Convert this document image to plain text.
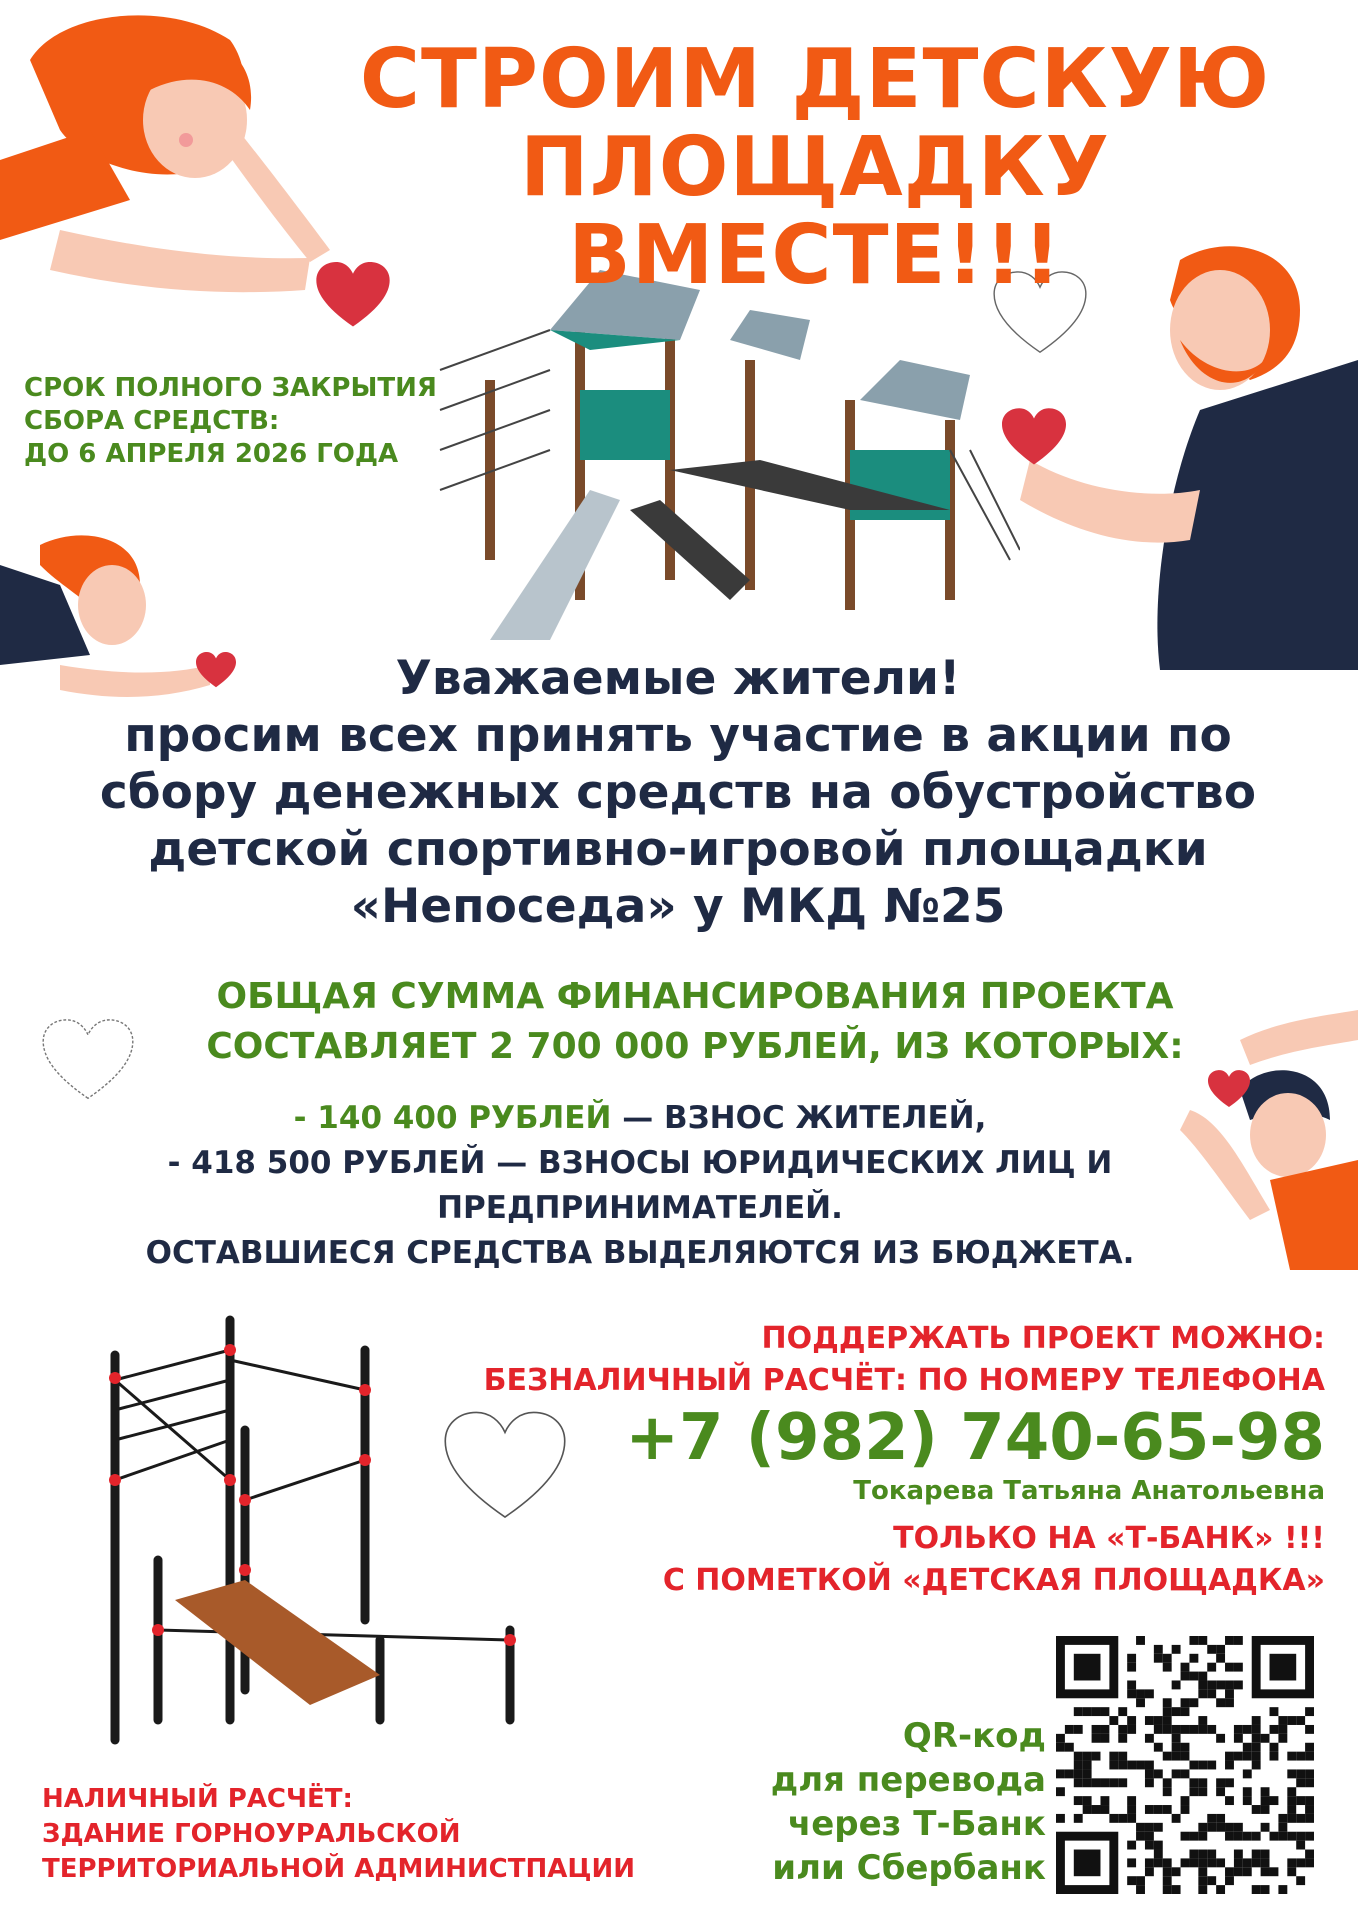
СТРОИМ ДЕТСКУЮ
ПЛОЩАДКУ ВМЕСТЕ!!!
СРОК ПОЛНОГО ЗАКРЫТИЯ
СБОРА СРЕДСТВ:
ДО 6 АПРЕЛЯ 2026 ГОДА
Уважаемые жители!
просим всех принять участие в акции по
сбору денежных средств на обустройство
детской спортивно-игровой площадки
«Непоседа» у МКД №25
ОБЩАЯ СУММА ФИНАНСИРОВАНИЯ ПРОЕКТА
СОСТАВЛЯЕТ 2 700 000 РУБЛЕЙ, ИЗ КОТОРЫХ:
- 140 400 РУБЛЕЙ — ВЗНОС ЖИТЕЛЕЙ,
- 418 500 РУБЛЕЙ — ВЗНОСЫ ЮРИДИЧЕСКИХ ЛИЦ И
ПРЕДПРИНИМАТЕЛЕЙ.
ОСТАВШИЕСЯ СРЕДСТВА ВЫДЕЛЯЮТСЯ ИЗ БЮДЖЕТА.
ПОДДЕРЖАТЬ ПРОЕКТ МОЖНО:
БЕЗНАЛИЧНЫЙ РАСЧЁТ: ПО НОМЕРУ ТЕЛЕФОНА
+7 (982) 740-65-98
Токарева Татьяна Анатольевна
ТОЛЬКО НА «Т-БАНК» !!!
С ПОМЕТКОЙ «ДЕТСКАЯ ПЛОЩАДКА»
QR-код
для перевода
через Т-Банк
или Сбербанк
НАЛИЧНЫЙ РАСЧЁТ:
ЗДАНИЕ ГОРНОУРАЛЬСКОЙ
ТЕРРИТОРИАЛЬНОЙ АДМИНИСТПАЦИИ
